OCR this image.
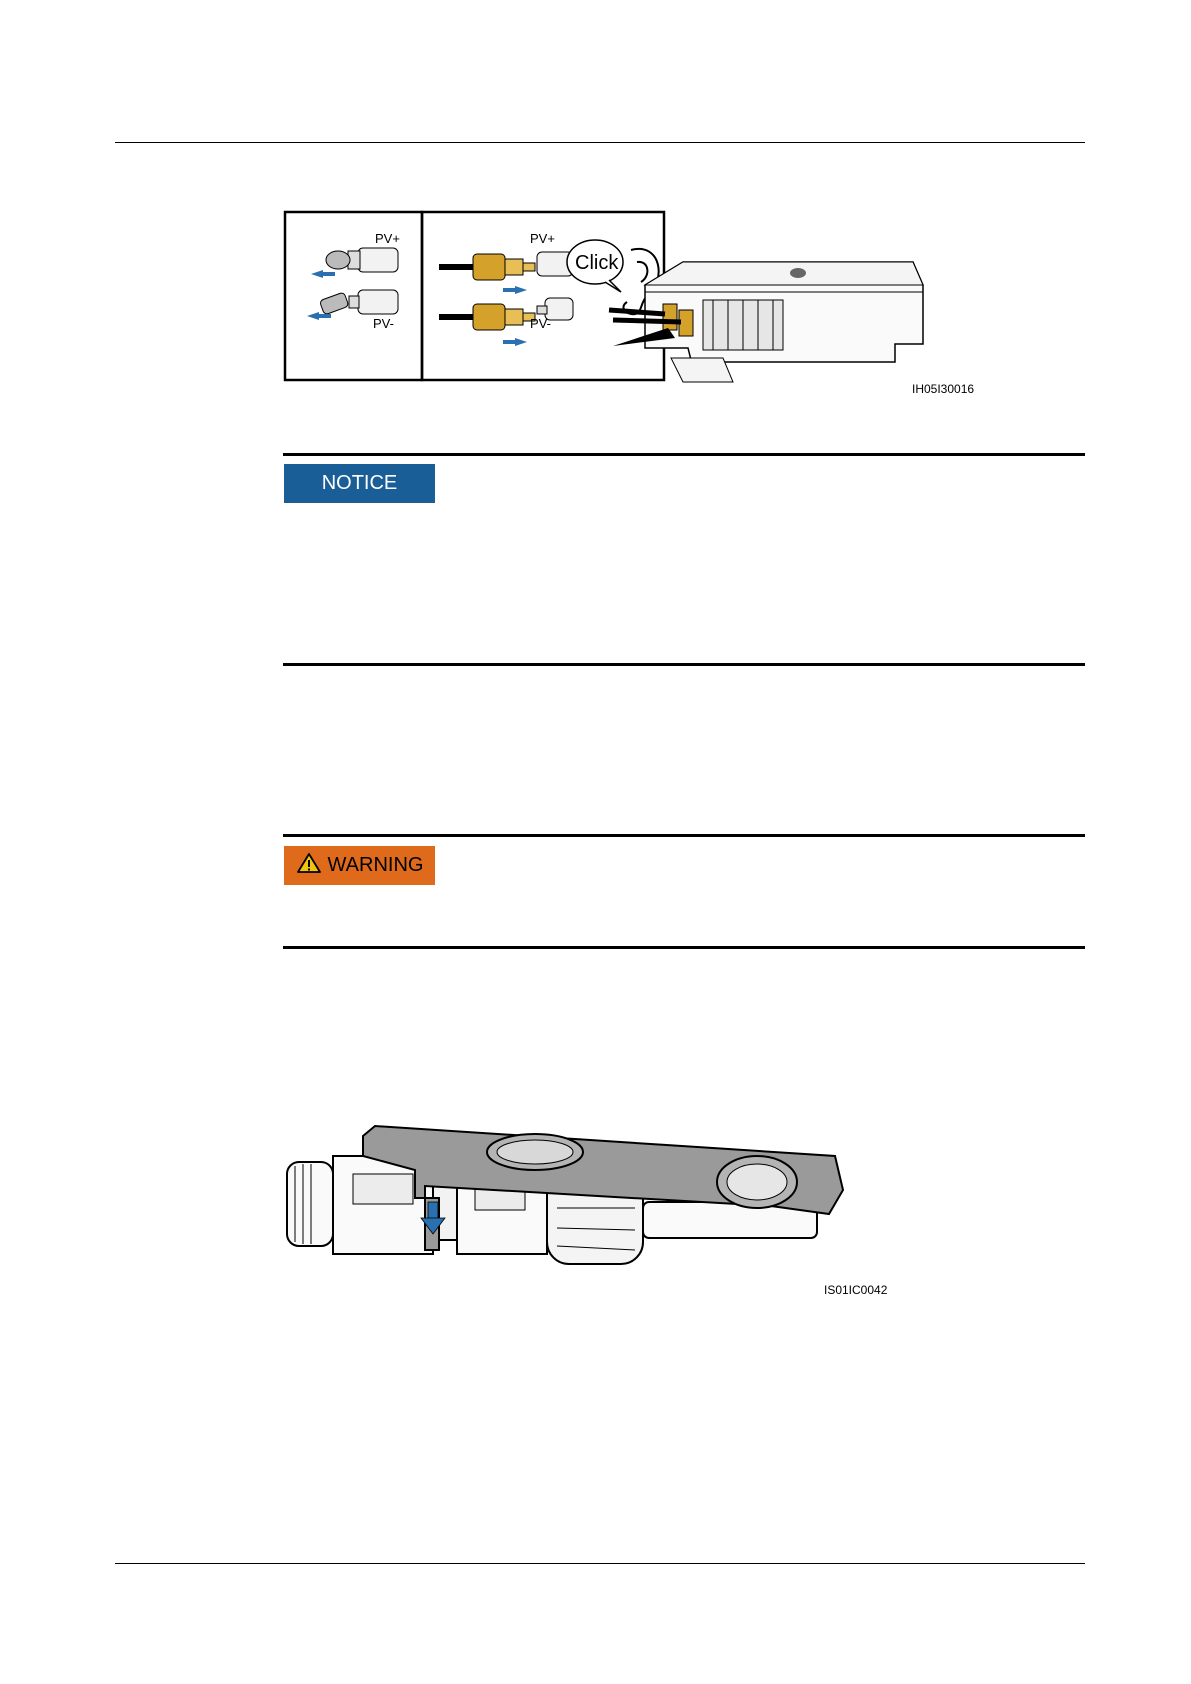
PV+
PV-
PV+
PV-
Click
IH05I30016
NOTICE
WARNING
IS01IC0042
